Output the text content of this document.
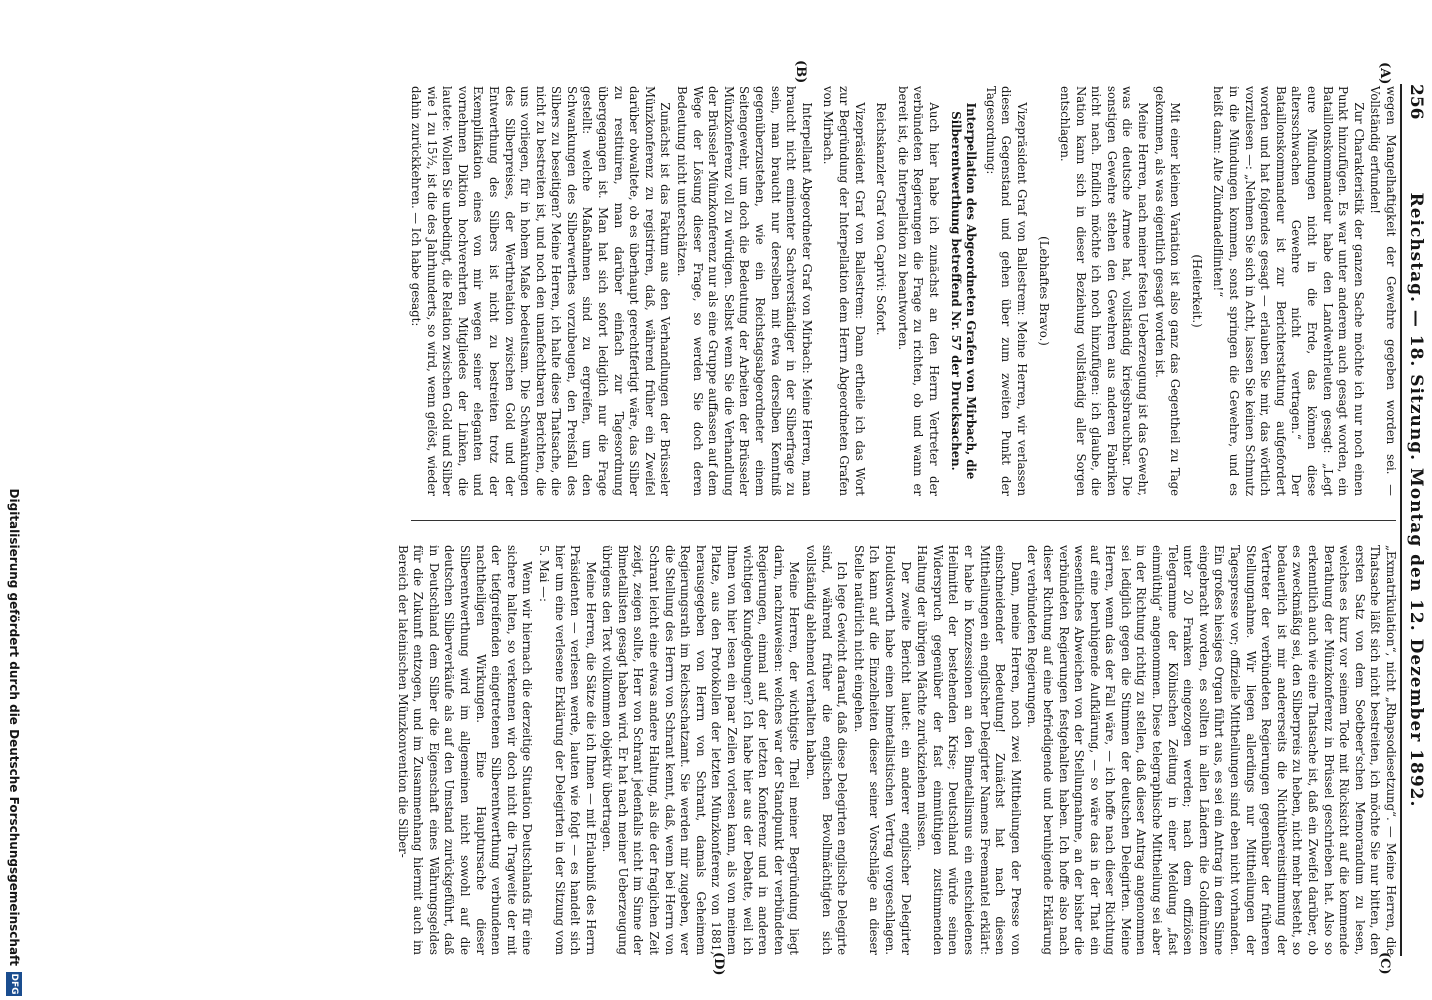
256
Reichstag. — 18. Sitzung. Montag den 12. Dezember 1892.
(A)
(B)
(C)
(D)

wegen Mangelhaftigkeit der Gewehre gegeben worden sei. — Vollständig erfunden!

Zur Charakteristik der ganzen Sache möchte ich nur noch einen Punkt hinzufügen. Es war unter anderem auch gesagt worden, ein Bataillonskommandeur habe den Landwehrleuten gesagt: „Legt eure Mündungen nicht in die Erde, das können diese altersschwachen Gewehre nicht vertragen.“ Der Bataillonskommandeur ist zur Berichterstattung aufgefordert worden und hat folgendes gesagt — erlauben Sie mir, das wörtlich vorzulesen —: „Nehmen Sie sich in Acht, lassen Sie keinen Schmutz in die Mündungen kommen, sonst springen die Gewehre, und es heißt dann: Alte Zündnadelflinten!“

(Heiterkeit.)

Mit einer kleinen Variation ist also ganz das Gegentheil zu Tage gekommen, als was eigentlich gesagt worden ist.

Meine Herren, nach meiner festen Ueberzeugung ist das Gewehr, was die deutsche Armee hat, vollständig kriegsbrauchbar. Die sonstigen Gewehre stehen den Gewehren aus anderen Fabriken nicht nach. Endlich möchte ich noch hinzufügen: ich glaube, die Nation kann sich in dieser Beziehung vollständig aller Sorgen entschlagen.

(Lebhaftes Bravo.)

Vizepräsident Graf von Ballestrem: Meine Herren, wir verlassen diesen Gegenstand und gehen über zum zweiten Punkt der Tagesordnung:

Interpellation des Abgeordneten Grafen von Mirbach, die Silberentwerthung betreffend Nr. 57 der Drucksachen.

Auch hier habe ich zunächst an den Herrn Vertreter der verbündeten Regierungen die Frage zu richten, ob und wann er bereit ist, die Interpellation zu beantworten.

Reichskanzler Graf von Caprivi: Sofort.

Vizepräsident Graf von Ballestrem: Dann ertheile ich das Wort zur Begründung der Interpellation dem Herrn Abgeordneten Grafen von Mirbach.

Interpellant Abgeordneter Graf von Mirbach: Meine Herren, man braucht nicht eminenter Sachverständiger in der Silberfrage zu sein, man braucht nur derselben mit etwa derselben Kenntniß gegenüberzustehen, wie ein Reichstagsabgeordneter einem Seitengewehr, um doch die Bedeutung der Arbeiten der Brüsseler Münzkonferenz voll zu würdigen. Selbst wenn Sie die Verhandlung der Brüsseler Münzkonferenz nur als eine Gruppe auffassen auf dem Wege der Lösung dieser Frage, so werden Sie doch deren Bedeutung nicht unterschätzen.

Zunächst ist das Faktum aus den Verhandlungen der Brüsseler Münzkonferenz zu registriren, daß, während früher ein Zweifel darüber obwaltete, ob es überhaupt gerechtfertigt wäre, das Silber zu restituiren, man darüber einfach zur Tagesordnung übergegangen ist. Man hat sich sofort lediglich nur die Frage gestellt: welche Maßnahmen sind zu ergreifen, um den Schwankungen des Silberwerthes vorzubeugen, den Preisfall des Silbers zu beseitigen? Meine Herren, ich halte diese Thatsache, die nicht zu bestreiten ist, und noch den unanfechtbaren Berichten, die uns vorliegen, für in hohem Maße bedeutsam. Die Schwankungen des Silberpreises, der Werthrelation zwischen Gold und der Entwerthung des Silbers ist nicht zu bestreiten trotz der Exemplifikation eines von mir wegen seiner eleganten und vornehmen Diktion hochverehrten Mitgliedes der Linken, die lautete: Wollen Sie unbedingt, die Relation zwischen Gold und Silber wie 1 zu 15½, ist die des Jahrhunderts, so wird, wenn gelöst, wieder dahin zurückkehren. — Ich habe gesagt:

„Exmatrikulation“, nicht „Rhapsodiesetzung“. — Meine Herren, die Thatsache läßt sich nicht bestreiten, ich möchte Sie nur bitten, den ersten Satz von dem Soetbeer'schen Memorandum zu lesen, welches es kurz vor seinem Tode mit Rücksicht auf die kommende Berathung der Münzkonferenz in Brüssel geschrieben hat. Also so erkenntlich auch wie eine Thatsache ist, daß ein Zweifel darüber, ob es zweckmäßig sei, den Silberpreis zu heben, nicht mehr besteht, so bedauerlich ist mir andererseits die Nichtübereinstimmung der Vertreter der verbündeten Regierungen gegenüber der früheren Stellungnahme. Wir liegen allerdings nur Mittheilungen der Tagespresse vor; offizielle Mittheilungen sind eben nicht vorhanden. Ein großes hiesiges Organ führt aus, es sei ein Antrag in dem Sinne eingebracht worden, es sollten in allen Ländern die Goldmünzen unter 20 Franken eingezogen werden; nach dem offiziösen Telegramme der Kölnischen Zeitung in einer Meldung „fast einmüthig“ angenommen. Diese telegraphische Mittheilung sei aber in der Richtung richtig zu stellen, daß dieser Antrag angenommen sei lediglich gegen die Stimmen der deutschen Delegirten. Meine Herren, wenn das der Fall wäre, — ich hoffe nach dieser Richtung auf eine beruhigende Aufklärung, — so wäre das in der That ein wesentliches Abweichen von der Stellungnahme, an der bisher die verbündeten Regierungen festgehalten haben. Ich hoffe also nach dieser Richtung auf eine befriedigende und beruhigende Erklärung der verbündeten Regierungen.

Dann, meine Herren, noch zwei Mittheilungen der Presse von einschneidender Bedeutung! Zunächst hat nach diesen Mittheilungen ein englischer Delegirter Namens Freemantel erklärt: er habe in Konzessionen an den Bimetallismus ein entschiedenes Heilmittel der bestehenden Krise; Deutschland würde seinen Widerspruch gegenüber der fast einmüthigen zustimmenden Haltung der übrigen Mächte zurückziehen müssen.

Der zweite Bericht lautet: ein anderer englischer Delegirter Houldsworth habe einen bimetallistischen Vertrag vorgeschlagen. Ich kann auf die Einzelheiten dieser seiner Vorschläge an dieser Stelle natürlich nicht eingehen.

Ich lege Gewicht darauf, daß diese Delegirten englische Delegirte sind, während früher die englischen Bevollmächtigten sich vollständig ablehnend verhalten haben.

Meine Herren, der wichtigste Theil meiner Begründung liegt darin, nachzuweisen: welches war der Standpunkt der verbündeten Regierungen, einmal auf der letzten Konferenz und in anderen wichtigen Kundgebungen? Ich habe hier aus der Debatte, weil ich Ihnen von hier lesen ein paar Zeilen vorlesen kann, als von meinem Platze, aus den Protokollen der letzten Münzkonferenz von 1881, herausgegeben von Herrn von Schrant, damals Geheimem Regierungsrath im Reichsschatzamt. Sie werden mir zugeben, wer die Stellung des Herrn von Schrant kennt, daß, wenn bei Herrn von Schrant leicht eine etwas andere Haltung, als die der fraglichen Zeit zeigt, zeigen sollte, Herr von Schrant jedenfalls nicht im Sinne der Bimetallisten gesagt haben wird. Er hat nach meiner Ueberzeugung übrigens den Text vollkommen objektiv übertragen.

Meine Herren, die Sätze die ich Ihnen — mit Erlaubniß des Herrn Präsidenten — verlesen werde, lauten wie folgt — es handelt sich hier um eine verlesene Erklärung der Delegirten in der Sitzung vom 5. Mai —:

Wenn wir hiernach die derzeitige Situation Deutschlands für eine sichere halten, so verkennen wir doch nicht die Tragweite der mit der tiefgreifenden eingetretenen Silberentwerthung verbundenen nachtheiligen Wirkungen. Eine Hauptursache dieser Silberentwerthung wird im allgemeinen nicht sowohl auf die deutschen Silberverkäufe als auf den Umstand zurückgeführt, daß in Deutschland dem Silber die Eigenschaft eines Währungsgeldes für die Zukunft entzogen, und im Zusammenhang hiermit auch im Bereich der lateinischen Münzkonvention die Silber-

Digitalisierung gefördert durch die Deutsche Forschungsgemeinschaft
DFG
